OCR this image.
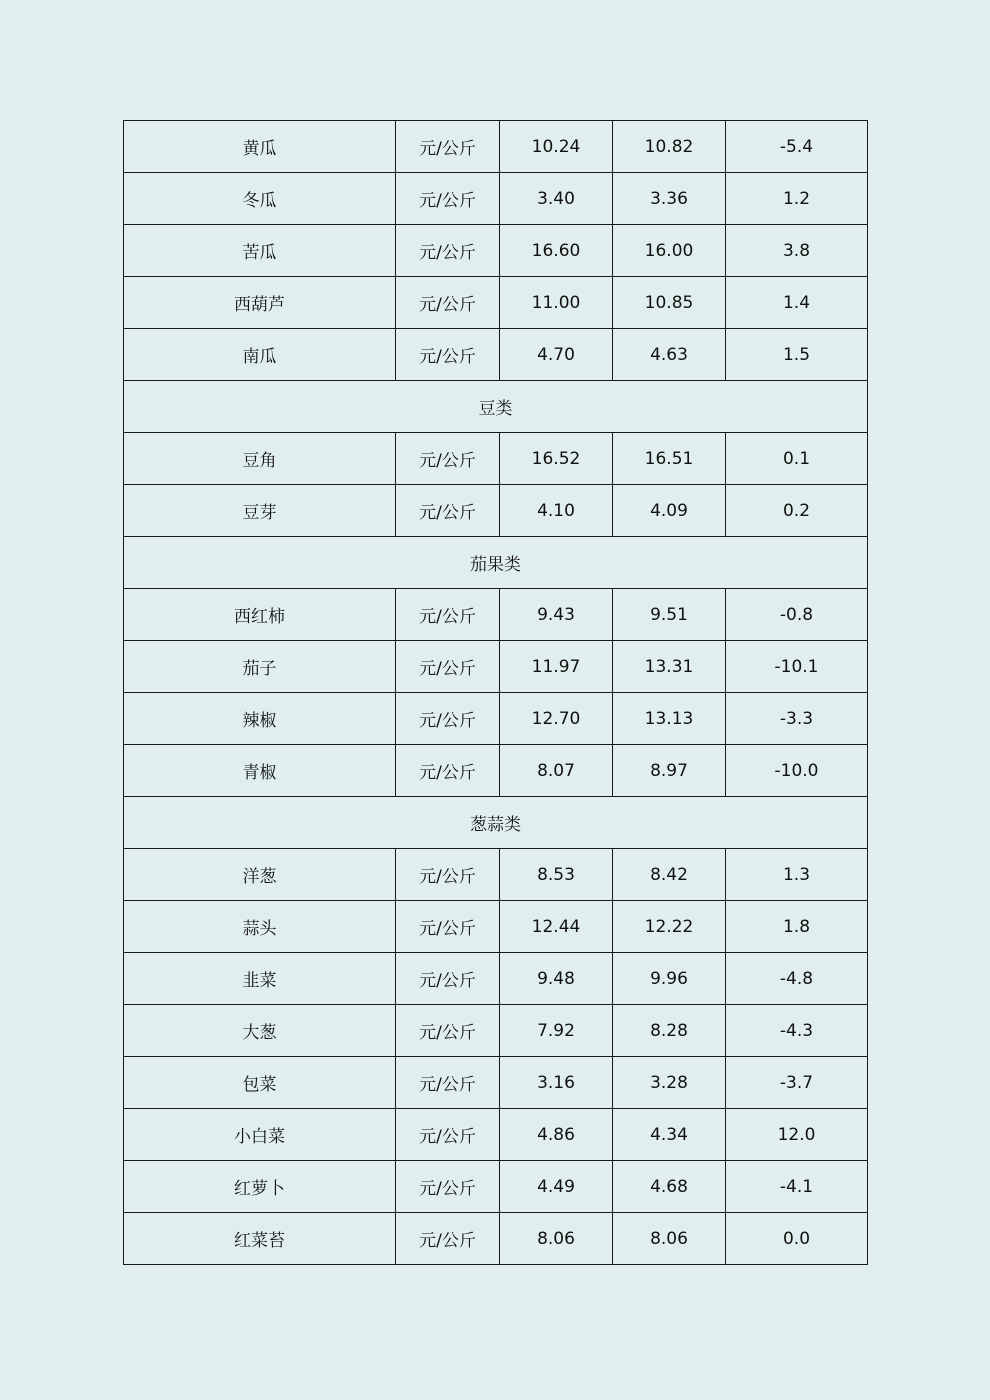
黄瓜	元/公斤	10.24	10.82	-5.4
冬瓜	元/公斤	3.40	3.36	1.2
苦瓜	元/公斤	16.60	16.00	3.8
西葫芦	元/公斤	11.00	10.85	1.4
南瓜	元/公斤	4.70	4.63	1.5
豆类				
豆角	元/公斤	16.52	16.51	0.1
豆芽	元/公斤	4.10	4.09	0.2
茄果类				
西红柿	元/公斤	9.43	9.51	-0.8
茄子	元/公斤	11.97	13.31	-10.1
辣椒	元/公斤	12.70	13.13	-3.3
青椒	元/公斤	8.07	8.97	-10.0
葱蒜类				
洋葱	元/公斤	8.53	8.42	1.3
蒜头	元/公斤	12.44	12.22	1.8
韭菜	元/公斤	9.48	9.96	-4.8
大葱	元/公斤	7.92	8.28	-4.3
包菜	元/公斤	3.16	3.28	-3.7
小白菜	元/公斤	4.86	4.34	12.0
红萝卜	元/公斤	4.49	4.68	-4.1
红菜苔	元/公斤	8.06	8.06	0.0
